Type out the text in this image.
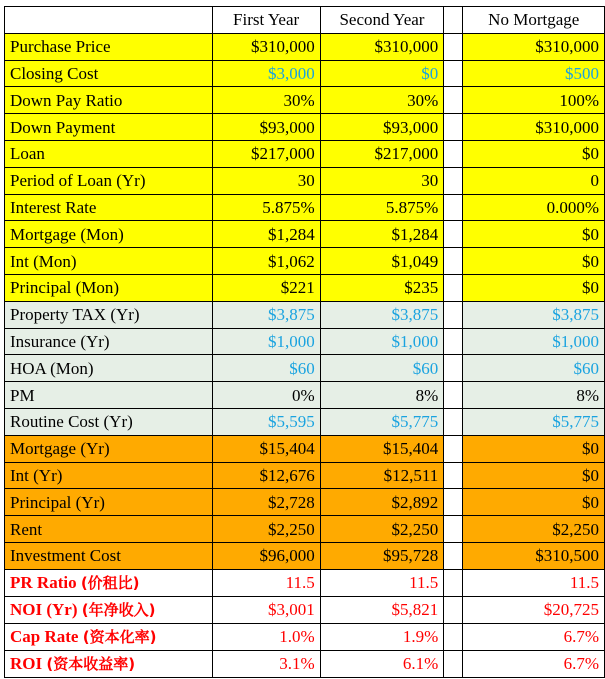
	First Year	Second Year		No Mortgage
Purchase Price	$310,000	$310,000		$310,000
Closing Cost	$3,000	$0		$500
Down Pay Ratio	30%	30%		100%
Down Payment	$93,000	$93,000		$310,000
Loan	$217,000	$217,000		$0
Period of Loan (Yr)	30	30		0
Interest Rate	5.875%	5.875%		0.000%
Mortgage (Mon)	$1,284	$1,284		$0
Int (Mon)	$1,062	$1,049		$0
Principal (Mon)	$221	$235		$0
Property TAX (Yr)	$3,875	$3,875		$3,875
Insurance (Yr)	$1,000	$1,000		$1,000
HOA (Mon)	$60	$60		$60
PM	0%	8%		8%
Routine Cost (Yr)	$5,595	$5,775		$5,775
Mortgage (Yr)	$15,404	$15,404		$0
Int (Yr)	$12,676	$12,511		$0
Principal (Yr)	$2,728	$2,892		$0
Rent	$2,250	$2,250		$2,250
Investment Cost	$96,000	$95,728		$310,500
PR Ratio (价租比)	11.5	11.5		11.5
NOI (Yr) (年净收入)	$3,001	$5,821		$20,725
Cap Rate (资本化率)	1.0%	1.9%		6.7%
ROI (资本收益率)	3.1%	6.1%		6.7%
